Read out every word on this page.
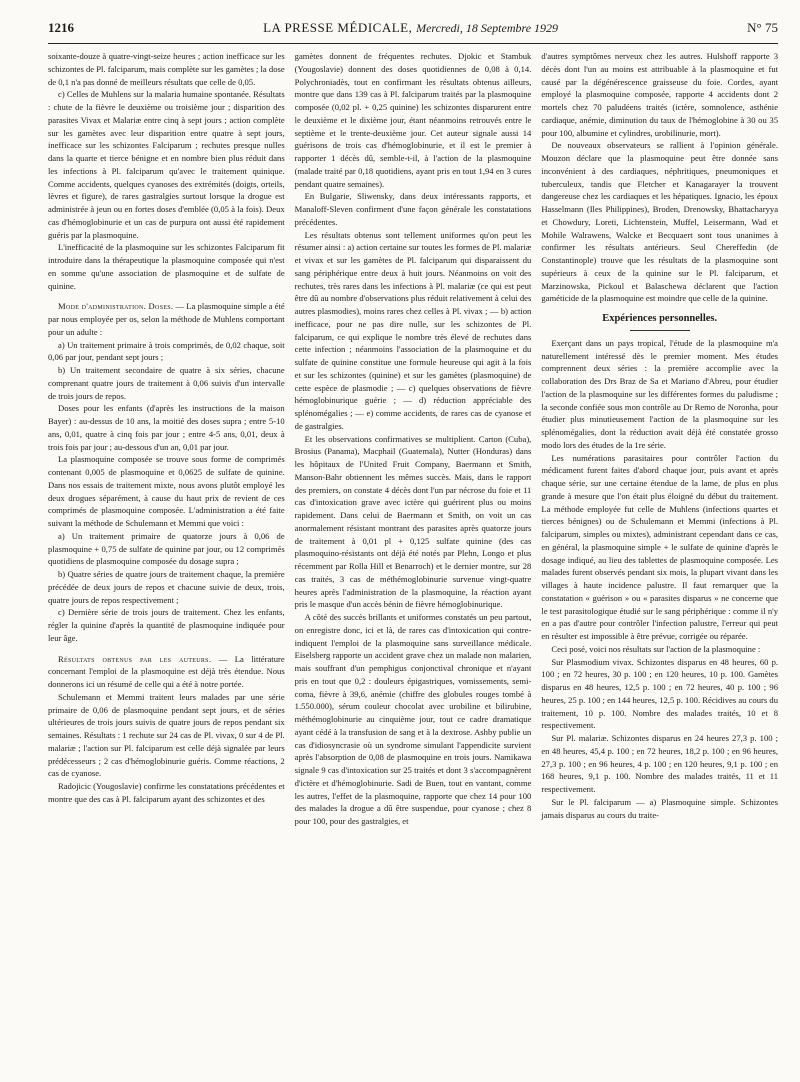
1216	LA PRESSE MÉDICALE, Mercredi, 18 Septembre 1929	N° 75

soixante-douze à quatre-vingt-seize heures ; action inefficace sur les schizontes de Pl. falciparum, mais complète sur les gamètes ; la dose de 0,1 n'a pas donné de meilleurs résultats que celle de 0,05.

c) Celles de Muhlens sur la malaria humaine spontanée. Résultats : chute de la fièvre le deuxième ou troisième jour ; disparition des parasites Vivax et Malariæ entre cinq à sept jours ; action complète sur les gamètes avec leur disparition entre quatre à sept jours, inefficace sur les schizontes Falciparum ; rechutes presque nulles dans la quarte et tierce bénigne et en nombre bien plus réduit dans les infections à Pl. falciparum qu'avec le traitement quinique. Comme accidents, quelques cyanoses des extrémités (doigts, orteils, lèvres et figure), de rares gastralgies surtout lorsque la drogue est administrée à jeun ou en fortes doses d'emblée (0,05 à la fois). Deux cas d'hémoglobinurie et un cas de purpura ont aussi été rapidement guéris par la plasmoquine.

L'inefficacité de la plasmoquine sur les schizontes Falciparum fit introduire dans la thérapeutique la plasmoquine composée qui n'est en somme qu'une association de plasmoquine et de sulfate de quinine.

Mode d'administration. Doses. — La plasmoquine simple a été par nous employée per os, selon la méthode de Muhlens comportant pour un adulte :

a) Un traitement primaire à trois comprimés, de 0,02 chaque, soit 0,06 par jour, pendant sept jours ;

b) Un traitement secondaire de quatre à six séries, chacune comprenant quatre jours de traitement à 0,06 suivis d'un intervalle de trois jours de repos.

Doses pour les enfants (d'après les instructions de la maison Bayer) : au-dessus de 10 ans, la moitié des doses supra ; entre 5-10 ans, 0,01, quatre à cinq fois par jour ; entre 4-5 ans, 0,01, deux à trois fois par jour ; au-dessous d'un an, 0,01 par jour.

La plasmoquine composée se trouve sous forme de comprimés contenant 0,005 de plasmoquine et 0,0625 de sulfate de quinine. Dans nos essais de traitement mixte, nous avons plutôt employé les deux drogues séparément, à cause du haut prix de revient de ces comprimés de plasmoquine composée. L'administration a été faite suivant la méthode de Schulemann et Memmi que voici :

a) Un traitement primaire de quatorze jours à 0,06 de plasmoquine + 0,75 de sulfate de quinine par jour, ou 12 comprimés quotidiens de plasmoquine composée du dosage supra ;

b) Quatre séries de quatre jours de traitement chaque, la première précédée de deux jours de repos et chacune suivie de deux, trois, quatre jours de repos respectivement ;

c) Dernière série de trois jours de traitement. Chez les enfants, régler la quinine d'après la quantité de plasmoquine indiquée pour leur âge.

Résultats obtenus par les auteurs. — La littérature concernant l'emploi de la plasmoquine est déjà très étendue. Nous donnerons ici un résumé de celle qui a été à notre portée.

Schulemann et Memmi traitent leurs malades par une série primaire de 0,06 de plasmoquine pendant sept jours, et de séries ultérieures de trois jours suivis de quatre jours de repos pendant six semaines. Résultats : 1 rechute sur 24 cas de Pl. vivax, 0 sur 4 de Pl. malariæ ; l'action sur Pl. falciparum est celle déjà signalée par leurs prédécesseurs ; 2 cas d'hémoglobinurie guéris. Comme réactions, 2 cas de cyanose.

Radojicic (Yougoslavie) confirme les constatations précédentes et montre que des cas à Pl. falciparum ayant des schizontes et des

gamètes donnent de fréquentes rechutes. Djokic et Stambuk (Yougoslavie) donnent des doses quotidiennes de 0,08 à 0,14. Polychroniadès, tout en confirmant les résultats obtenus ailleurs, montre que dans 139 cas à Pl. falciparum traités par la plasmoquine composée (0,02 pl. + 0,25 quinine) les schizontes disparurent entre le deuxième et le dixième jour, étant néanmoins retrouvés entre le septième et le trente-deuxième jour. Cet auteur signale aussi 14 guérisons de trois cas d'hémoglobinurie, et il est le premier à rapporter 1 décès dû, semble-t-il, à l'action de la plasmoquine (malade traité par 0,18 quotidiens, ayant pris en tout 1,94 en 3 cures pendant quatre semaines).

En Bulgarie, Sliwensky, dans deux intéressants rapports, et Manaloff-Sleven confirment d'une façon générale les constatations précédentes.

Les résultats obtenus sont tellement uniformes qu'on peut les résumer ainsi : a) action certaine sur toutes les formes de Pl. malariæ et vivax et sur les gamètes de Pl. falciparum qui disparaissent du sang périphérique entre deux à huit jours. Néanmoins on voit des rechutes, très rares dans les infections à Pl. malariæ (ce qui est peut être dû au nombre d'observations plus réduit relativement à celui des autres plasmodies), moins rares chez celles à Pl. vivax ; — b) action inefficace, pour ne pas dire nulle, sur les schizontes de Pl. falciparum, ce qui explique le nombre très élevé de rechutes dans cette infection ; néanmoins l'association de la plasmoquine et du sulfate de quinine constitue une formule heureuse qui agit à la fois et sur les schizontes (quinine) et sur les gamètes (plasmoquine) de cette espèce de plasmodie ; — c) quelques observations de fièvre hémoglobinurique guérie ; — d) réduction appréciable des splénomégalies ; — e) comme accidents, de rares cas de cyanose et de gastralgies.

Et les observations confirmatives se multiplient. Carton (Cuba), Brosius (Panama), Macphail (Guatemala), Nutter (Honduras) dans les hôpitaux de l'United Fruit Company, Baermann et Smith, Manson-Bahr obtiennent les mêmes succès. Mais, dans le rapport des premiers, on constate 4 décès dont l'un par nécrose du foie et 11 cas d'intoxication grave avec ictère qui guérirent plus ou moins rapidement. Dans celui de Baermann et Smith, on voit un cas anormalement résistant montrant des parasites après quatorze jours de traitement à 0,01 pl + 0,125 sulfate quinine (des cas plasmoquino-résistants ont déjà été notés par Plehn, Longo et plus récemment par Rolla Hill et Benarroch) et le dernier montre, sur 28 cas traités, 3 cas de méthémoglobinurie survenue vingt-quatre heures après l'administration de la plasmoquine, la réaction ayant pris le masque d'un accès bénin de fièvre hémoglobinurique.

A côté des succès brillants et uniformes constatés un peu partout, on enregistre donc, ici et là, de rares cas d'intoxication qui contre-indiquent l'emploi de la plasmoquine sans surveillance médicale. Eiselsberg rapporte un accident grave chez un malade non malarien, mais souffrant d'un pemphigus conjonctival chronique et n'ayant pris en tout que 0,2 : douleurs épigastriques, vomissements, semi-coma, fièvre à 39,6, anémie (chiffre des globules rouges tombé à 1.550.000), sérum couleur chocolat avec urobiline et bilirubine, méthémoglobinurie au cinquième jour, tout ce cadre dramatique ayant cédé à la transfusion de sang et à la dextrose. Ashby publie un cas d'idiosyncrasie où un syndrome simulant l'appendicite survient après l'absorption de 0,08 de plasmoquine en trois jours. Namikawa signale 9 cas d'intoxication sur 25 traités et dont 3 s'accompagnèrent d'ictère et d'hémoglobinurie. Sadi de Buen, tout en vantant, comme les autres, l'effet de la plasmoquine, rapporte que chez 14 pour 100 des malades la drogue a dû être suspendue, pour cyanose ; chez 8 pour 100, pour des gastralgies, et

d'autres symptômes nerveux chez les autres. Hulshoff rapporte 3 décès dont l'un au moins est attribuable à la plasmoquine et fut causé par la dégénérescence graisseuse du foie. Cordes, ayant employé la plasmoquine composée, rapporte 4 accidents dont 2 mortels chez 70 paludéens traités (ictère, somnolence, asthénie cardiaque, anémie, diminution du taux de l'hémoglobine à 30 ou 35 pour 100, albumine et cylindres, urobilinurie, mort).

De nouveaux observateurs se rallient à l'opinion générale. Mouzon déclare que la plasmoquine peut être donnée sans inconvénient à des cardiaques, néphritiques, pneumoniques et tuberculeux, tandis que Fletcher et Kanagarayer la trouvent dangereuse chez les cardiaques et les hépatiques. Ignacio, les époux Hasselmann (Iles Philippines), Broden, Drenowsky, Bhattacharyya et Chowdury, Loreti, Lichtenstein, Muffel, Leisermann, Wad et Mohile Walrawens, Walcke et Becquaert sont tous unanimes à confirmer les résultats antérieurs. Seul Chereffedin (de Constantinople) trouve que les résultats de la plasmoquine sont supérieurs à ceux de la quinine sur le Pl. falciparum, et Marzinowska, Pickoul et Balaschewa déclarent que l'action gaméticide de la plasmoquine est moindre que celle de la quinine.

Expériences personnelles.

Exerçant dans un pays tropical, l'étude de la plasmoquine m'a naturellement intéressé dès le premier moment. Mes études comprennent deux séries : la première accomplie avec la collaboration des Drs Braz de Sa et Mariano d'Abreu, pour étudier l'action de la plasmoquine sur les différentes formes du paludisme ; la seconde confiée sous mon contrôle au Dr Remo de Noronha, pour étudier plus minutieusement l'action de la plasmoquine sur les splénomégalies, dont la réduction avait déjà été constatée grosso modo lors des études de la 1re série.

Les numérations parasitaires pour contrôler l'action du médicament furent faites d'abord chaque jour, puis avant et après chaque série, sur une certaine étendue de la lame, de plus en plus grande à mesure que l'on était plus éloigné du début du traitement. La méthode employée fut celle de Muhlens (infections quartes et tierces bénignes) ou de Schulemann et Memmi (infections à Pl. falciparum, simples ou mixtes), administrant cependant dans ce cas, en général, la plasmoquine simple + le sulfate de quinine d'après le dosage indiqué, au lieu des tablettes de plasmoquine composée. Les malades furent observés pendant six mois, la plupart vivant dans les villages à haute incidence palustre. Il faut remarquer que la constatation « guérison » ou « parasites disparus » ne concerne que le test parasitologique étudié sur le sang périphérique : comme il n'y en a pas d'autre pour contrôler l'infection palustre, l'erreur qui peut en résulter est impossible à être prévue, corrigée ou réparée.

Ceci posé, voici nos résultats sur l'action de la plasmoquine :

Sur Plasmodium vivax. Schizontes disparus en 48 heures, 60 p. 100 ; en 72 heures, 30 p. 100 ; en 120 heures, 10 p. 100. Gamètes disparus en 48 heures, 12,5 p. 100 ; en 72 heures, 40 p. 100 ; 96 heures, 25 p. 100 ; en 144 heures, 12,5 p. 100. Récidives au cours du traitement, 10 p. 100. Nombre des malades traités, 10 et 8 respectivement.

Sur Pl. malariæ. Schizontes disparus en 24 heures 27,3 p. 100 ; en 48 heures, 45,4 p. 100 ; en 72 heures, 18,2 p. 100 ; en 96 heures, 27,3 p. 100 ; en 96 heures, 4 p. 100 ; en 120 heures, 9,1 p. 100 ; en 168 heures, 9,1 p. 100. Nombre des malades traités, 11 et 11 respectivement.

Sur le Pl. falciparum — a) Plasmoquine simple. Schizontes jamais disparus au cours du traite-
